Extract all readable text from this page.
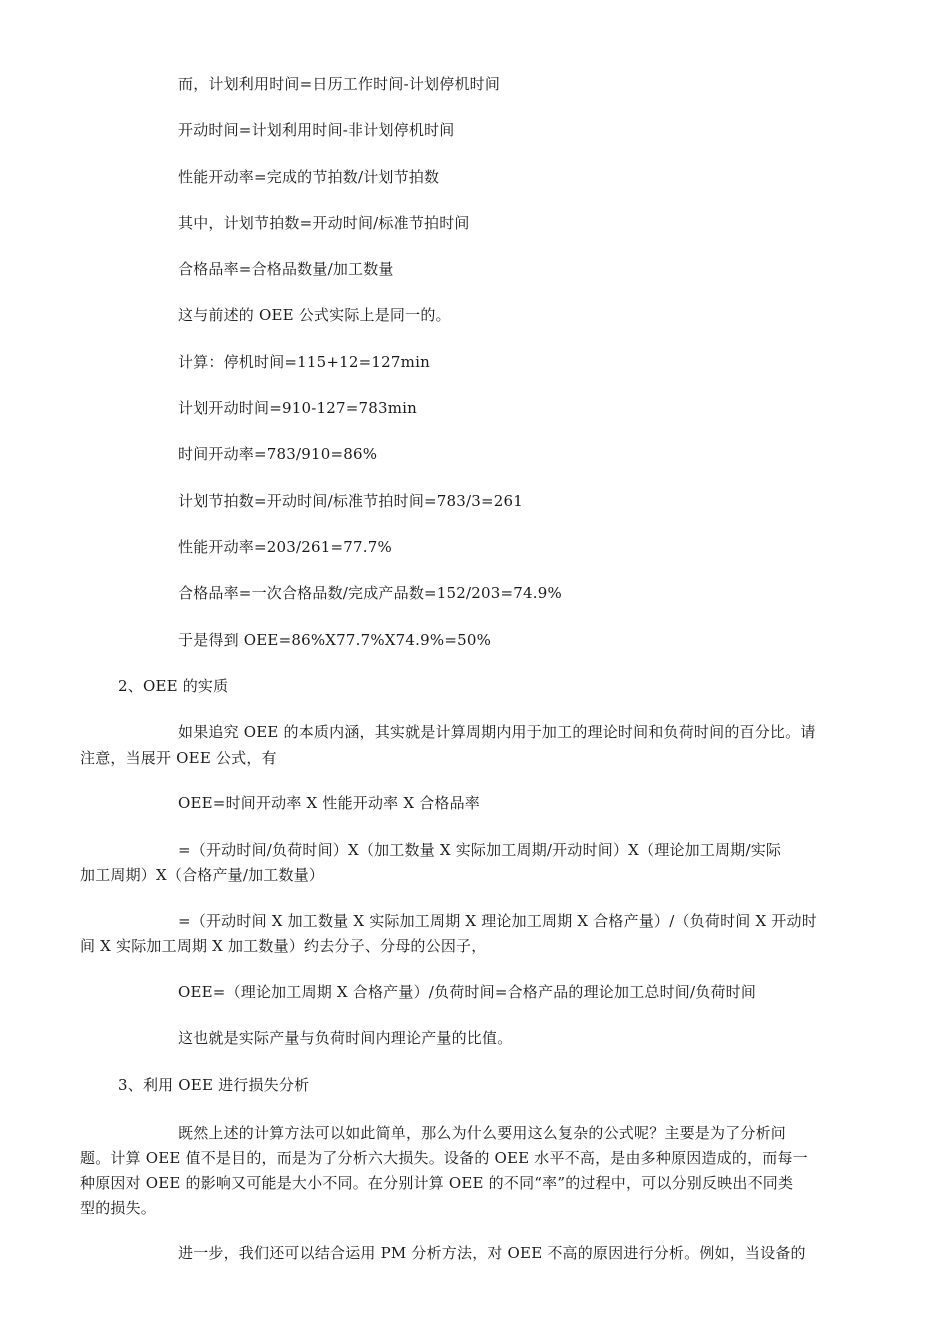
而，计划利用时间=日历工作时间-计划停机时间
开动时间=计划利用时间-非计划停机时间
性能开动率=完成的节拍数/计划节拍数
其中，计划节拍数=开动时间/标准节拍时间
合格品率=合格品数量/加工数量
这与前述的 OEE 公式实际上是同一的。
计算：停机时间=115+12=127min
计划开动时间=910-127=783min
时间开动率=783/910=86%
计划节拍数=开动时间/标准节拍时间=783/3=261
性能开动率=203/261=77.7%
合格品率=一次合格品数/完成产品数=152/203=74.9%
于是得到 OEE=86%X77.7%X74.9%=50%
2、OEE 的实质
如果追究 OEE 的本质内涵，其实就是计算周期内用于加工的理论时间和负荷时间的百分比。请
注意，当展开 OEE 公式，有
OEE=时间开动率 X 性能开动率 X 合格品率
=（开动时间/负荷时间）X（加工数量 X 实际加工周期/开动时间）X（理论加工周期/实际
加工周期）X（合格产量/加工数量）
=（开动时间 X 加工数量 X 实际加工周期 X 理论加工周期 X 合格产量）/（负荷时间 X 开动时
间 X 实际加工周期 X 加工数量）约去分子、分母的公因子，
OEE=（理论加工周期 X 合格产量）/负荷时间=合格产品的理论加工总时间/负荷时间
这也就是实际产量与负荷时间内理论产量的比值。
3、利用 OEE 进行损失分析
既然上述的计算方法可以如此简单，那么为什么要用这么复杂的公式呢？主要是为了分析问
题。计算 OEE 值不是目的，而是为了分析六大损失。设备的 OEE 水平不高，是由多种原因造成的，而每一
种原因对 OEE 的影响又可能是大小不同。在分别计算 OEE 的不同“率”的过程中，可以分别反映出不同类
型的损失。
进一步，我们还可以结合运用 PM 分析方法，对 OEE 不高的原因进行分析。例如，当设备的
